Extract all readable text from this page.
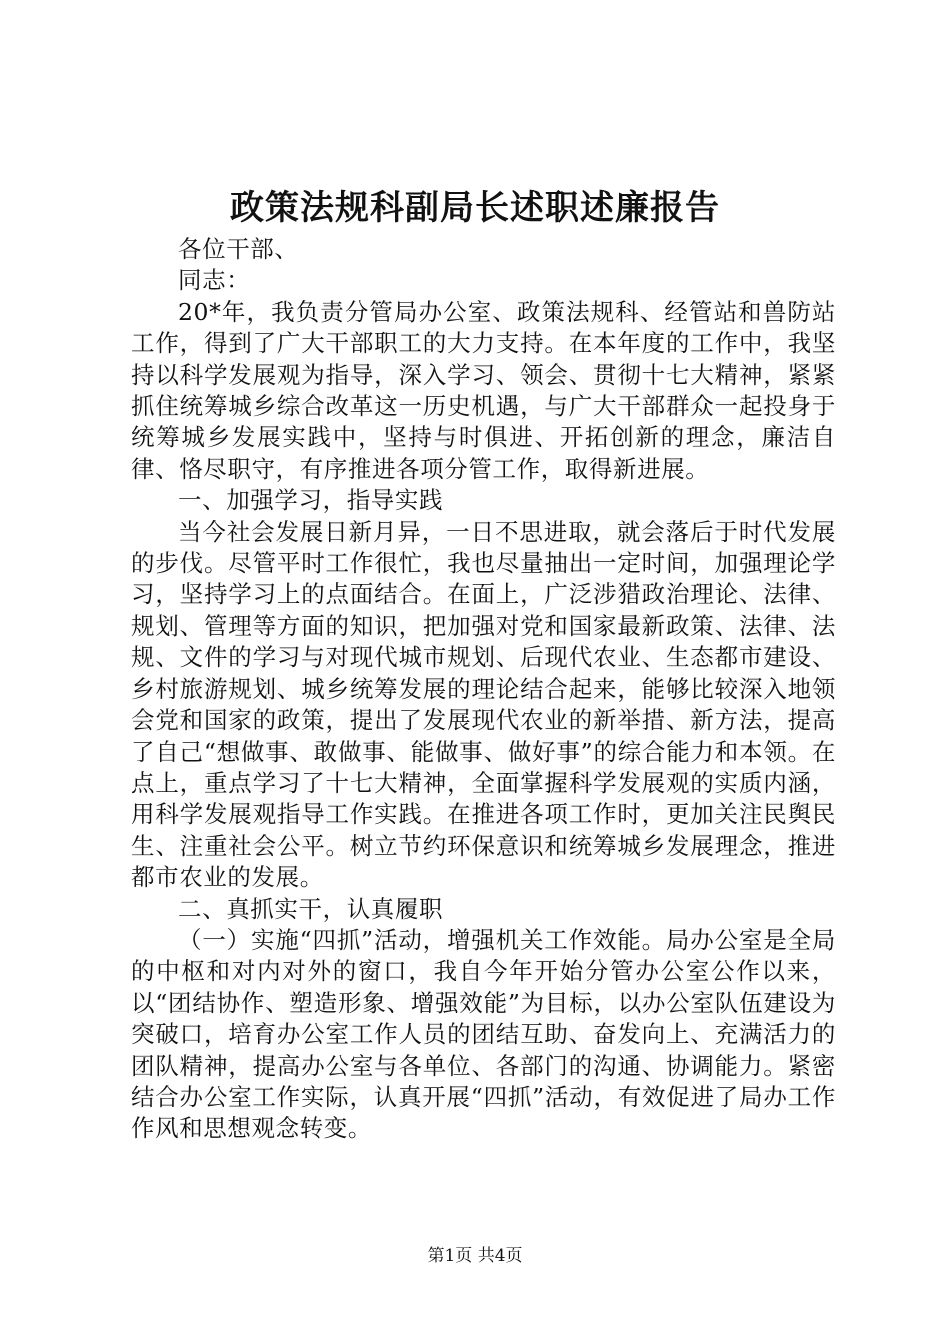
政策法规科副局长述职述廉报告

各位干部、

同志：

20*年，我负责分管局办公室、政策法规科、经管站和兽防站工作，得到了广大干部职工的大力支持。在本年度的工作中，我坚持以科学发展观为指导，深入学习、领会、贯彻十七大精神，紧紧抓住统筹城乡综合改革这一历史机遇，与广大干部群众一起投身于统筹城乡发展实践中，坚持与时俱进、开拓创新的理念，廉洁自律、恪尽职守，有序推进各项分管工作，取得新进展。

一、加强学习，指导实践

当今社会发展日新月异，一日不思进取，就会落后于时代发展的步伐。尽管平时工作很忙，我也尽量抽出一定时间，加强理论学习，坚持学习上的点面结合。在面上，广泛涉猎政治理论、法律、规划、管理等方面的知识，把加强对党和国家最新政策、法律、法规、文件的学习与对现代城市规划、后现代农业、生态都市建设、乡村旅游规划、城乡统筹发展的理论结合起来，能够比较深入地领会党和国家的政策，提出了发展现代农业的新举措、新方法，提高了自己“想做事、敢做事、能做事、做好事”的综合能力和本领。在点上，重点学习了十七大精神，全面掌握科学发展观的实质内涵，用科学发展观指导工作实践。在推进各项工作时，更加关注民舆民生、注重社会公平。树立节约环保意识和统筹城乡发展理念，推进都市农业的发展。

二、真抓实干，认真履职

（一）实施“四抓”活动，增强机关工作效能。局办公室是全局的中枢和对内对外的窗口，我自今年开始分管办公室公作以来，以“团结协作、塑造形象、增强效能”为目标，以办公室队伍建设为突破口，培育办公室工作人员的团结互助、奋发向上、充满活力的团队精神，提高办公室与各单位、各部门的沟通、协调能力。紧密结合办公室工作实际，认真开展“四抓”活动，有效促进了局办工作作风和思想观念转变。

第1页 共4页
